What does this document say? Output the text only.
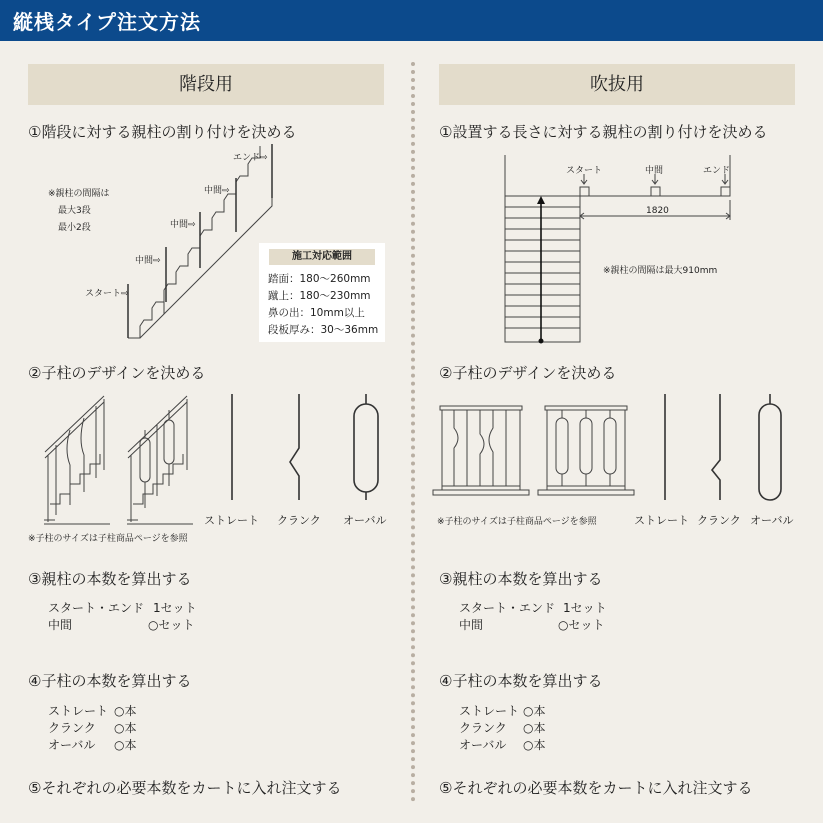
縦桟タイプ注文方法
階段用	吹抜用
①階段に対する親柱の割り付けを決める
※親柱の間隔は
最大3段
最小2段
エンド⇨
中間⇨
中間⇨
中間⇨
スタート⇨
施工対応範囲
踏面：180〜260mm
蹴上：180〜230mm
鼻の出：10mm以上
段板厚み：30〜36mm
②子柱のデザインを決める
※子柱のサイズは子柱商品ページを参照
ストレート クランク オーバル
③親柱の本数を算出する
スタート・エンド 1セット
中間	○セット
④子柱の本数を算出する
ストレート ○本
クランク ○本
オーバル ○本
⑤それぞれの必要本数をカートに入れ注文する
①設置する長さに対する親柱の割り付けを決める
スタート	中間	エンド
1820
※親柱の間隔は最大910mm
②子柱のデザインを決める
※子柱のサイズは子柱商品ページを参照	ストレート クランク オーバル
③親柱の本数を算出する
スタート・エンド 1セット
中間	○セット
④子柱の本数を算出する
ストレート ○本
クランク ○本
オーバル ○本
⑤それぞれの必要本数をカートに入れ注文する
